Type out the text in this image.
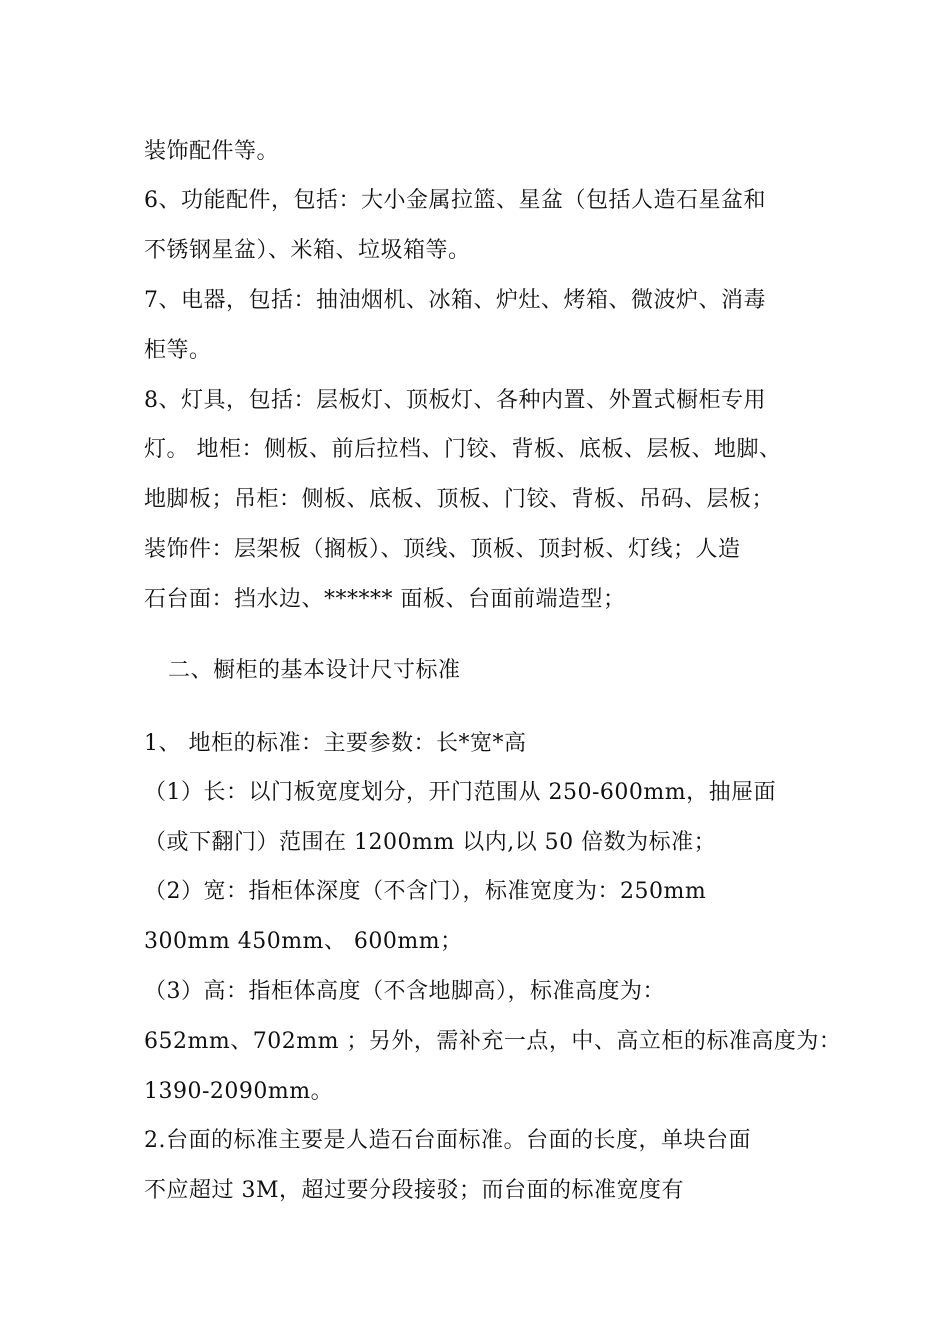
装饰配件等。
6、功能配件，包括：大小金属拉篮、星盆（包括人造石星盆和
不锈钢星盆）、米箱、垃圾箱等。
7、电器，包括：抽油烟机、冰箱、炉灶、烤箱、微波炉、消毒
柜等。
8、灯具，包括：层板灯、顶板灯、各种内置、外置式橱柜专用
灯。 地柜：侧板、前后拉档、门铰、背板、底板、层板、地脚、
地脚板；吊柜：侧板、底板、顶板、门铰、背板、吊码、层板；
装饰件：层架板（搁板）、顶线、顶板、顶封板、灯线；人造
石台面：挡水边、****** 面板、台面前端造型；
二、橱柜的基本设计尺寸标准
1、 地柜的标准：主要参数：长*宽*高
（1）长：以门板宽度划分，开门范围从 250-600mm，抽屉面
（或下翻门）范围在 1200mm 以内,以 50 倍数为标准；
（2）宽：指柜体深度（不含门），标准宽度为：250mm
300mm 450mm、 600mm；
（3）高：指柜体高度（不含地脚高），标准高度为：
652mm、702mm ；另外，需补充一点，中、高立柜的标准高度为：
1390-2090mm。
2.台面的标准主要是人造石台面标准。台面的长度，单块台面
不应超过 3M，超过要分段接驳；而台面的标准宽度有
